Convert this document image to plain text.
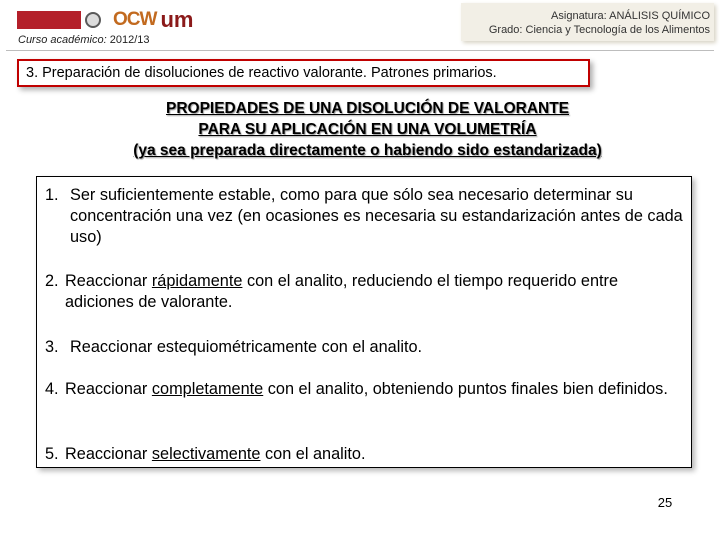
OCW um
Curso académico: 2012/13
Asignatura: ANÁLISIS QUÍMICO
Grado: Ciencia y Tecnología de los Alimentos
3. Preparación de disoluciones de reactivo valorante. Patrones primarios.
PROPIEDADES DE UNA DISOLUCIÓN DE VALORANTE
PARA SU APLICACIÓN EN UNA VOLUMETRÍA
(ya sea preparada directamente o habiendo sido estandarizada)
1. Ser suficientemente estable, como para que sólo sea necesario determinar su concentración una vez (en ocasiones es necesaria su estandarización antes de cada uso)
2. Reaccionar rápidamente con el analito, reduciendo el tiempo requerido entre adiciones de valorante.
3. Reaccionar estequiométricamente con el analito.
4. Reaccionar completamente con el analito, obteniendo puntos finales bien definidos.
5. Reaccionar selectivamente con el analito.
25
